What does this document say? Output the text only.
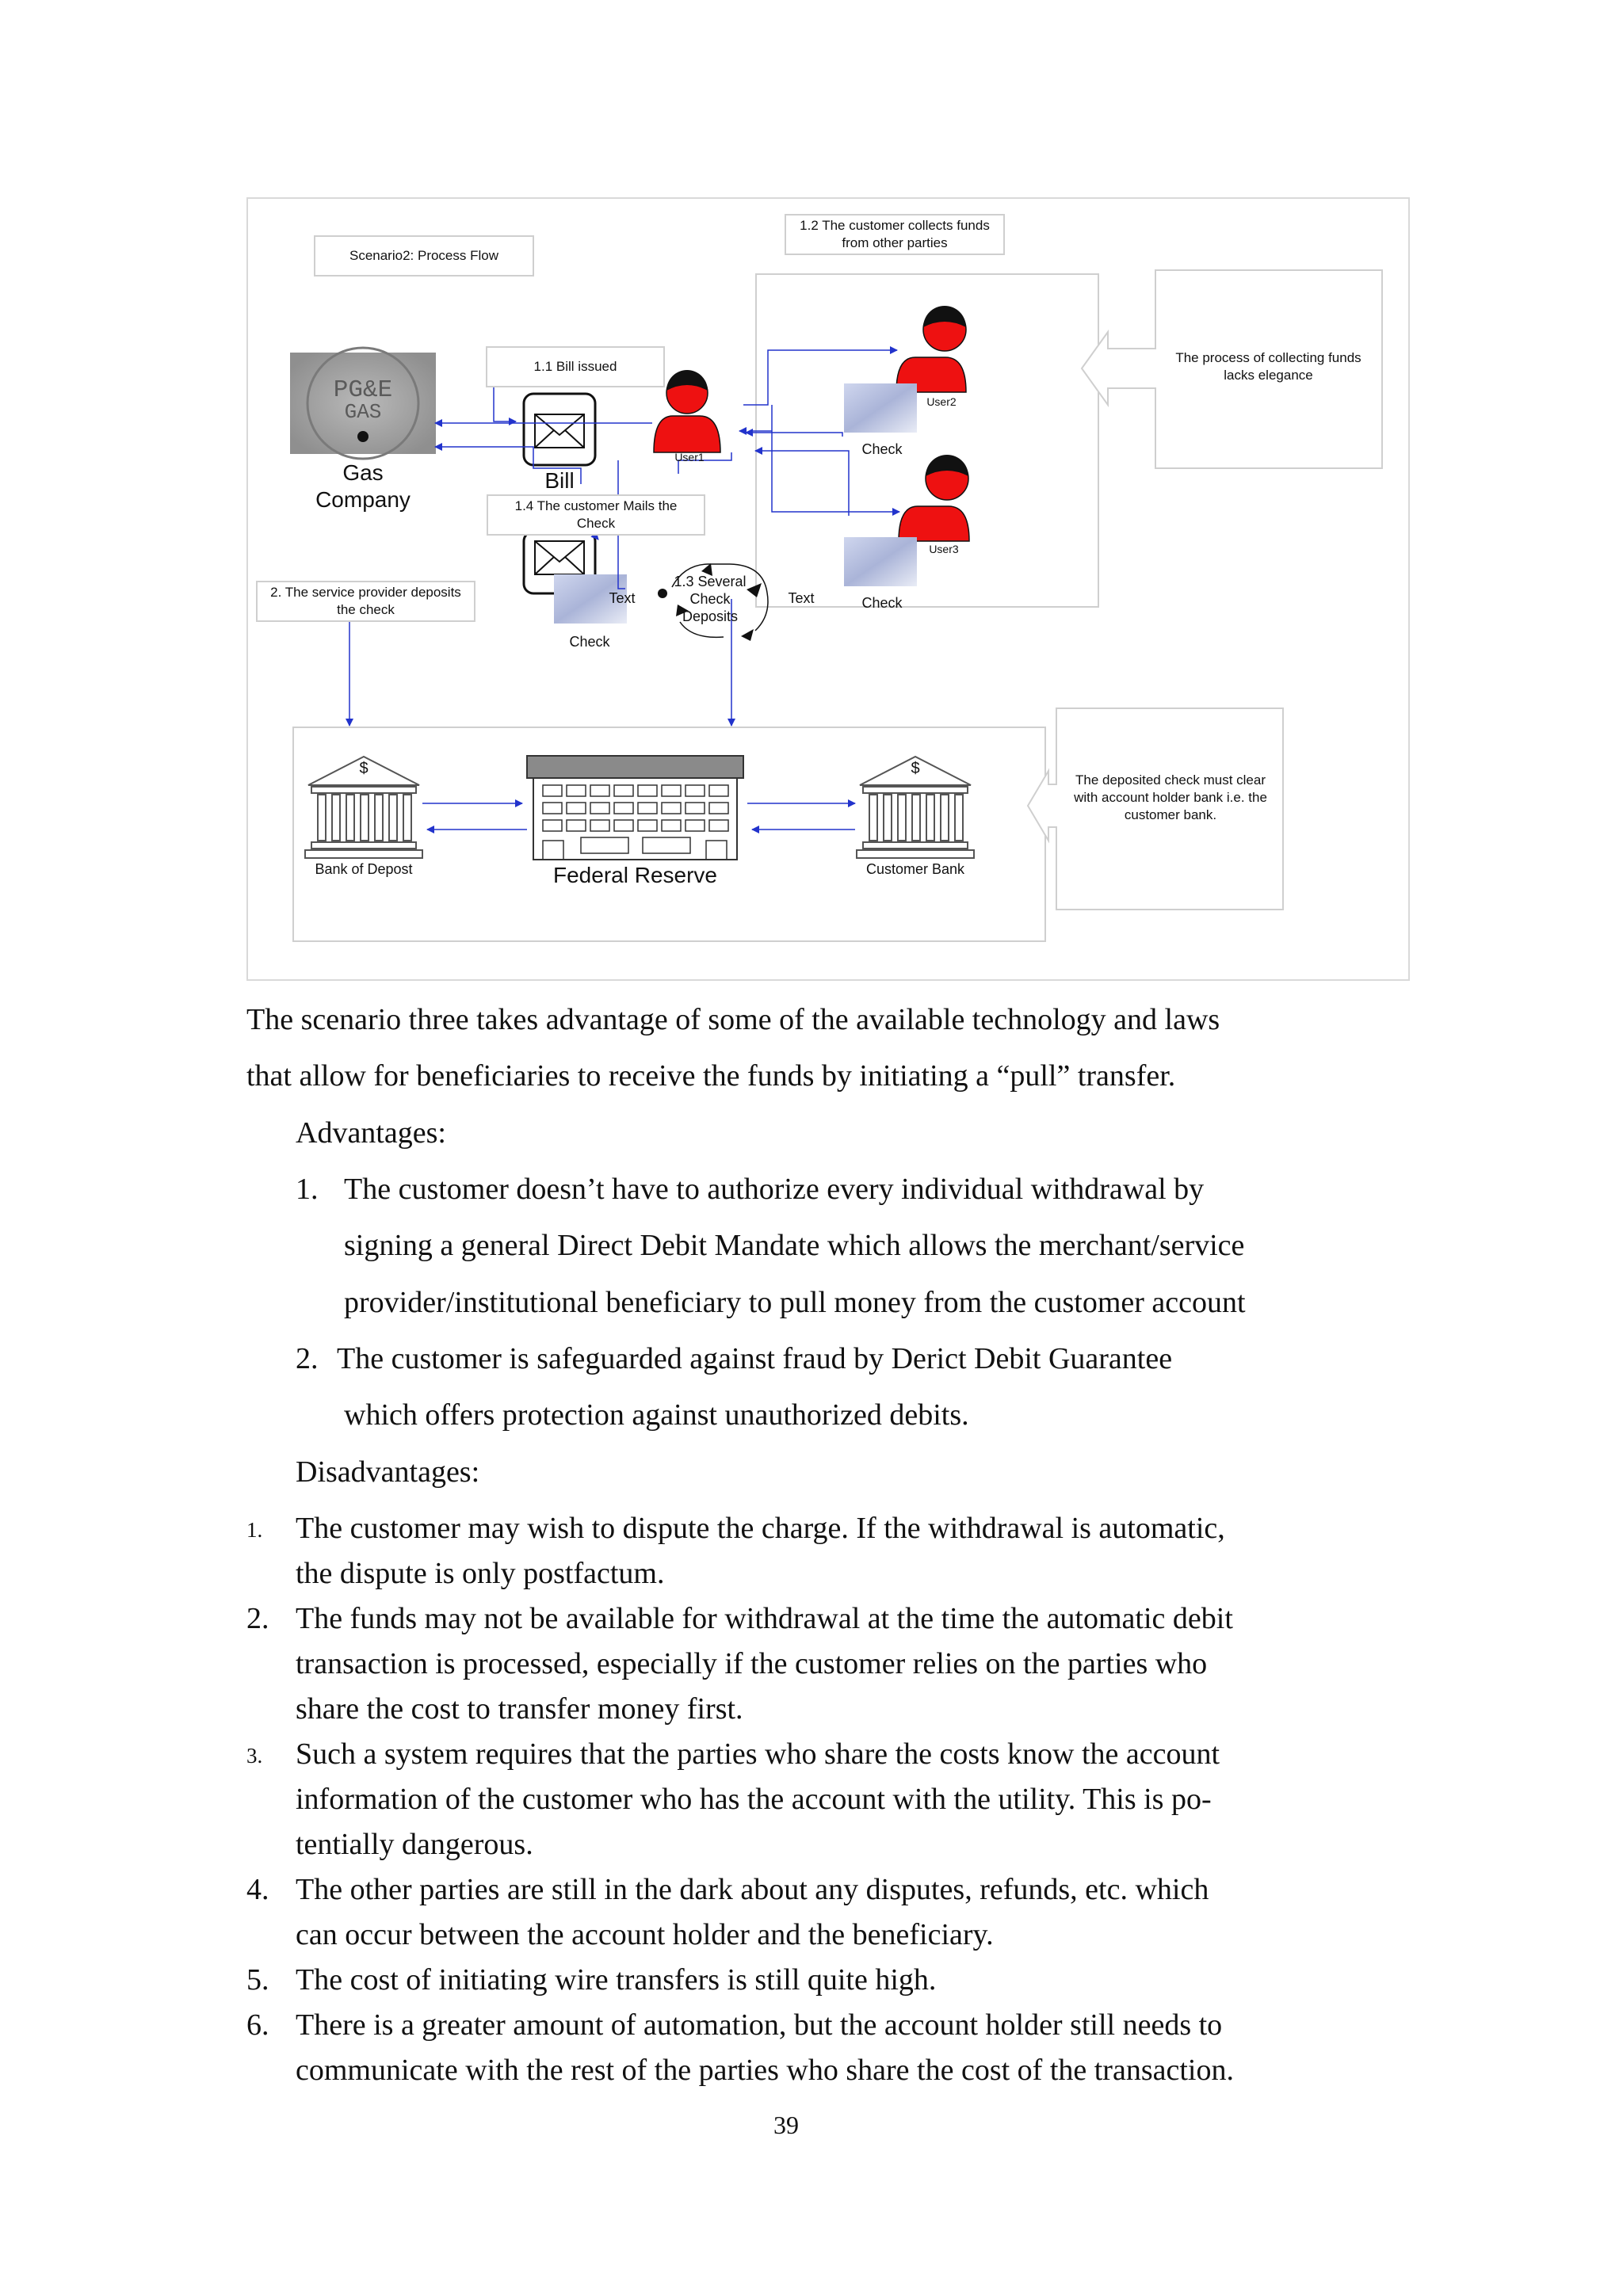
Scenario2: Process Flow
1.2 The customer collects funds from other parties
1.1 Bill issued
1.4 The customer Mails the Check
2. The service provider deposits the check
The process of collecting funds lacks elegance
The deposited check must clear with account holder bank i.e. the customer bank.
PG&E
GAS
Gas
Company
Bill
User1
User2
User3
Check
Check
Check
Text	Text
1.3 Several Check Deposits
$	$
Bank of Depost	Federal Reserve	Customer Bank
The scenario three takes advantage of some of the available technology and laws
that allow for beneficiaries to receive the funds by initiating a “pull” transfer.
Advantages:
1. The customer doesn’t have to authorize every individual withdrawal by
signing a general Direct Debit Mandate which allows the merchant/service
provider/institutional beneficiary to pull money from the customer account
2. The customer is safeguarded against fraud by Derict Debit Guarantee
which offers protection against unauthorized debits.
Disadvantages:
1. The customer may wish to dispute the charge. If the withdrawal is automatic,
the dispute is only postfactum.
2. The funds may not be available for withdrawal at the time the automatic debit
transaction is processed, especially if the customer relies on the parties who
share the cost to transfer money first.
3. Such a system requires that the parties who share the costs know the account
information of the customer who has the account with the utility. This is po-
tentially dangerous.
4. The other parties are still in the dark about any disputes, refunds, etc. which
can occur between the account holder and the beneficiary.
5. The cost of initiating wire transfers is still quite high.
6. There is a greater amount of automation, but the account holder still needs to
communicate with the rest of the parties who share the cost of the transaction.
39
